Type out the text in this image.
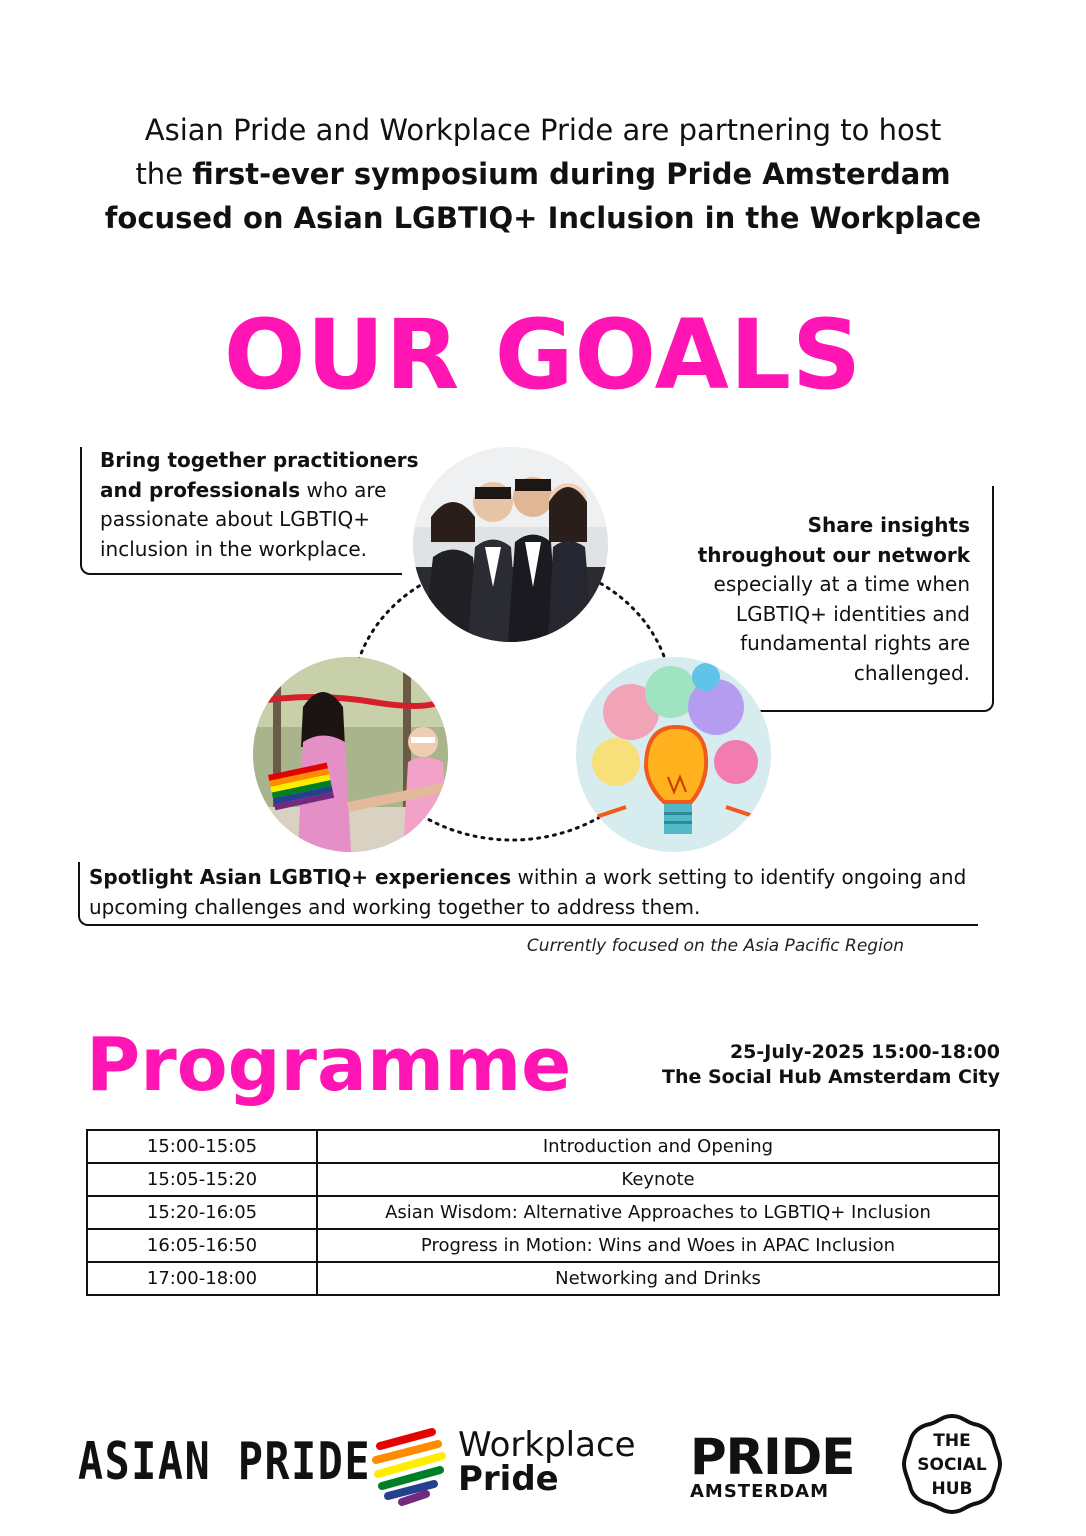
Asian Pride and Workplace Pride are partnering to host
the first-ever symposium during Pride Amsterdam
focused on Asian LGBTIQ+ Inclusion in the Workplace
OUR GOALS
Bring together practitioners and professionals who are passionate about LGBTIQ+ inclusion in the workplace.
Share insights throughout our network especially at a time when LGBTIQ+ identities and fundamental rights are challenged.
Spotlight Asian LGBTIQ+ experiences within a work setting to identify ongoing and upcoming challenges and working together to address them.
Currently focused on the Asia Pacific Region
Programme	25-July-2025 15:00-18:00
The Social Hub Amsterdam City
15:00-15:05	Introduction and Opening
15:05-15:20	Keynote
15:20-16:05	Asian Wisdom: Alternative Approaches to LGBTIQ+ Inclusion
16:05-16:50	Progress in Motion: Wins and Woes in APAC Inclusion
17:00-18:00	Networking and Drinks
ASIAN PRIDE	Workplace
Pride	PRIDE
AMSTERDAM
THE
SOCIAL
HUB
